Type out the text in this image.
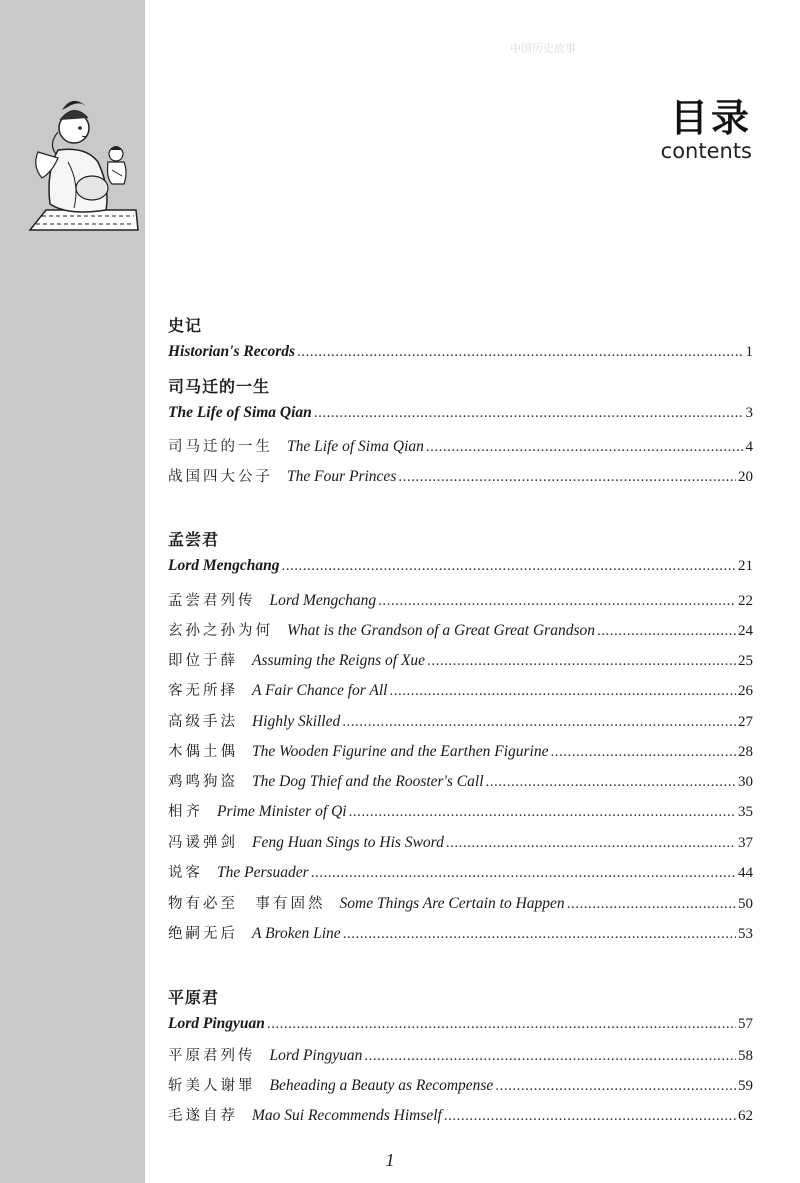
中国历史故事
目录
contents
史记
Historian's Records .....	1
司马迁的一生
The Life of Sima Qian .....	3
司马迁的一生 The Life of Sima Qian .....	4
战国四大公子 The Four Princes .....	20
孟尝君
Lord Mengchang .....	21
孟尝君列传 Lord Mengchang .....	22
玄孙之孙为何 What is the Grandson of a Great Great Grandson .....	24
即位于薛 Assuming the Reigns of Xue .....	25
客无所择 A Fair Chance for All .....	26
高级手法 Highly Skilled .....	27
木偶土偶 The Wooden Figurine and the Earthen Figurine .....	28
鸡鸣狗盗 The Dog Thief and the Rooster's Call .....	30
相齐 Prime Minister of Qi .....	35
冯谖弹剑 Feng Huan Sings to His Sword .....	37
说客 The Persuader .....	44
物有必至　事有固然 Some Things Are Certain to Happen .....	50
绝嗣无后 A Broken Line .....	53
平原君
Lord Pingyuan .....	57
平原君列传 Lord Pingyuan .....	58
斩美人谢罪 Beheading a Beauty as Recompense .....	59
毛遂自荐 Mao Sui Recommends Himself .....	62
1
